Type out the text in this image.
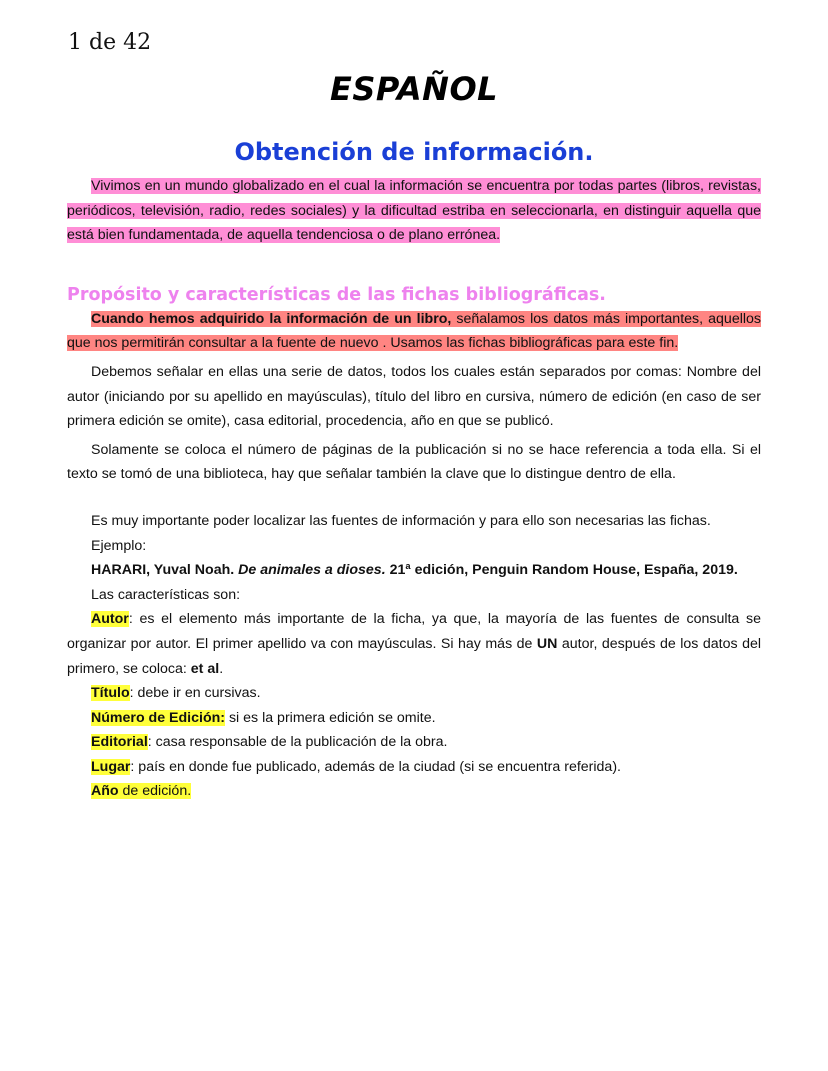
1 de 42
ESPAÑOL
Obtención de información.

Vivimos en un mundo globalizado en el cual la información se encuentra por todas partes (libros, revistas, periódicos, televisión, radio, redes sociales) y la dificultad estriba en seleccionarla, en distinguir aquella que está bien fundamentada, de aquella tendenciosa o de plano errónea.

Propósito y características de las fichas bibliográficas.

Cuando hemos adquirido la información de un libro, señalamos los datos más importantes, aquellos que nos permitirán consultar a la fuente de nuevo . Usamos las fichas bibliográficas para este fin.

Debemos señalar en ellas una serie de datos, todos los cuales están separados por comas: Nombre del autor (iniciando por su apellido en mayúsculas), título del libro en cursiva, número de edición (en caso de ser primera edición se omite), casa editorial, procedencia, año en que se publicó.

Solamente se coloca el número de páginas de la publicación si no se hace referencia a toda ella. Si el texto se tomó de una biblioteca, hay que señalar también la clave que lo distingue dentro de ella.

Es muy importante poder localizar las fuentes de información y para ello son necesarias las fichas.

Ejemplo:

HARARI, Yuval Noah. De animales a dioses. 21ª edición, Penguin Random House, España, 2019.

Las características son:

Autor: es el elemento más importante de la ficha, ya que, la mayoría de las fuentes de consulta se organizar por autor. El primer apellido va con mayúsculas. Si hay más de UN autor, después de los datos del primero, se coloca: et al.

Título: debe ir en cursivas.

Número de Edición: si es la primera edición se omite.

Editorial: casa responsable de la publicación de la obra.

Lugar: país en donde fue publicado, además de la ciudad (si se encuentra referida).

Año de edición.
